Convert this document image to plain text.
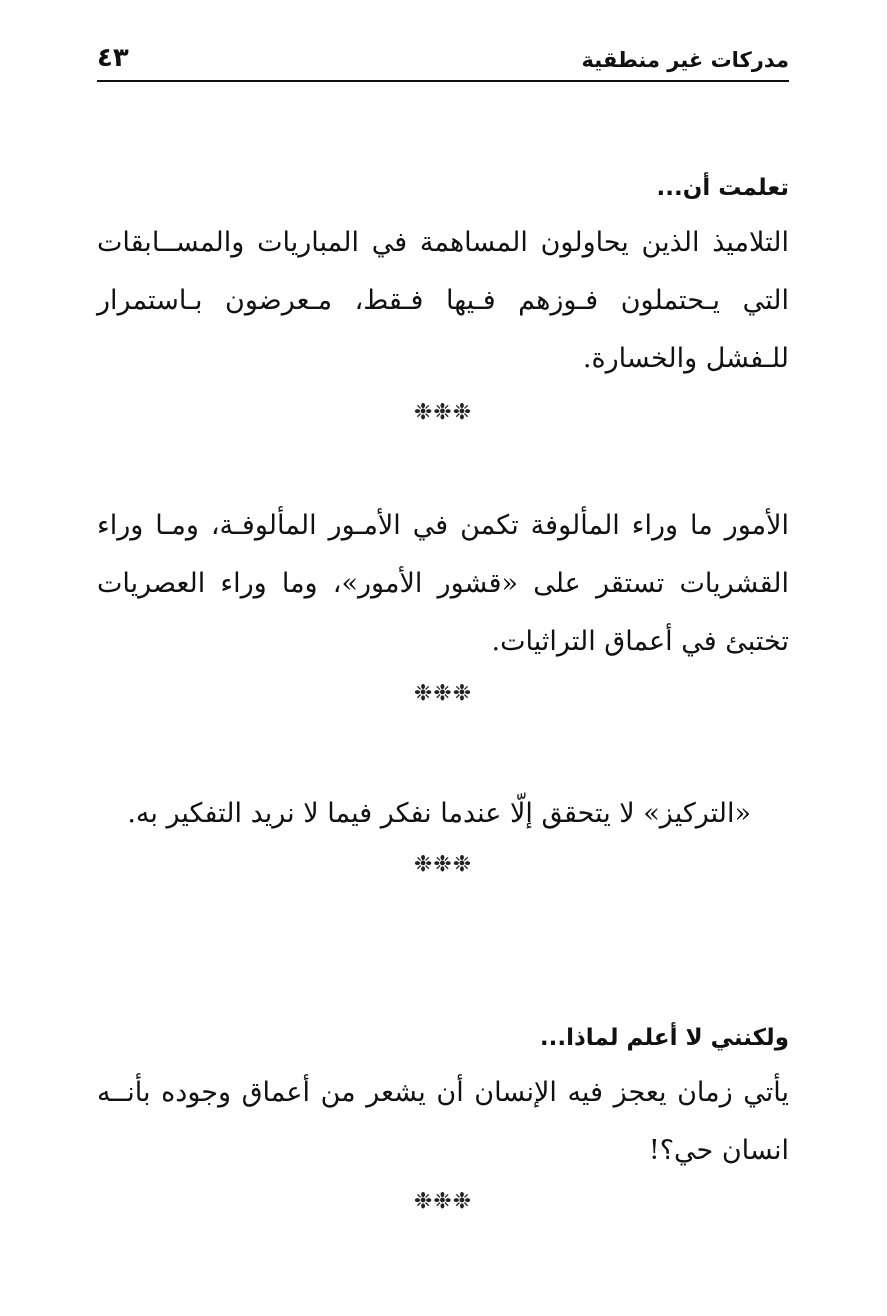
مدركات غير منطقية
٤٣
تعلمت أن...

التلاميذ الذين يحاولون المساهمة في المباريات والمســابقات التي يـحتملون فـوزهم فـيها فـقط، مـعرضون بـاستمرار للـفشل والخسارة.

❉❉❉

الأمور ما وراء المألوفة تكمن في الأمـور المألوفـة، ومـا وراء القشريات تستقر على «قشور الأمور»، وما وراء العصريات تختبئ في أعماق التراثيات.

❉❉❉

«التركيز» لا يتحقق إلّا عندما نفكر فيما لا نريد التفكير به.

❉❉❉
ولكنني لا أعلم لماذا...

يأتي زمان يعجز فيه الإنسان أن يشعر من أعماق وجوده بأنــه انسان حي؟!

❉❉❉
